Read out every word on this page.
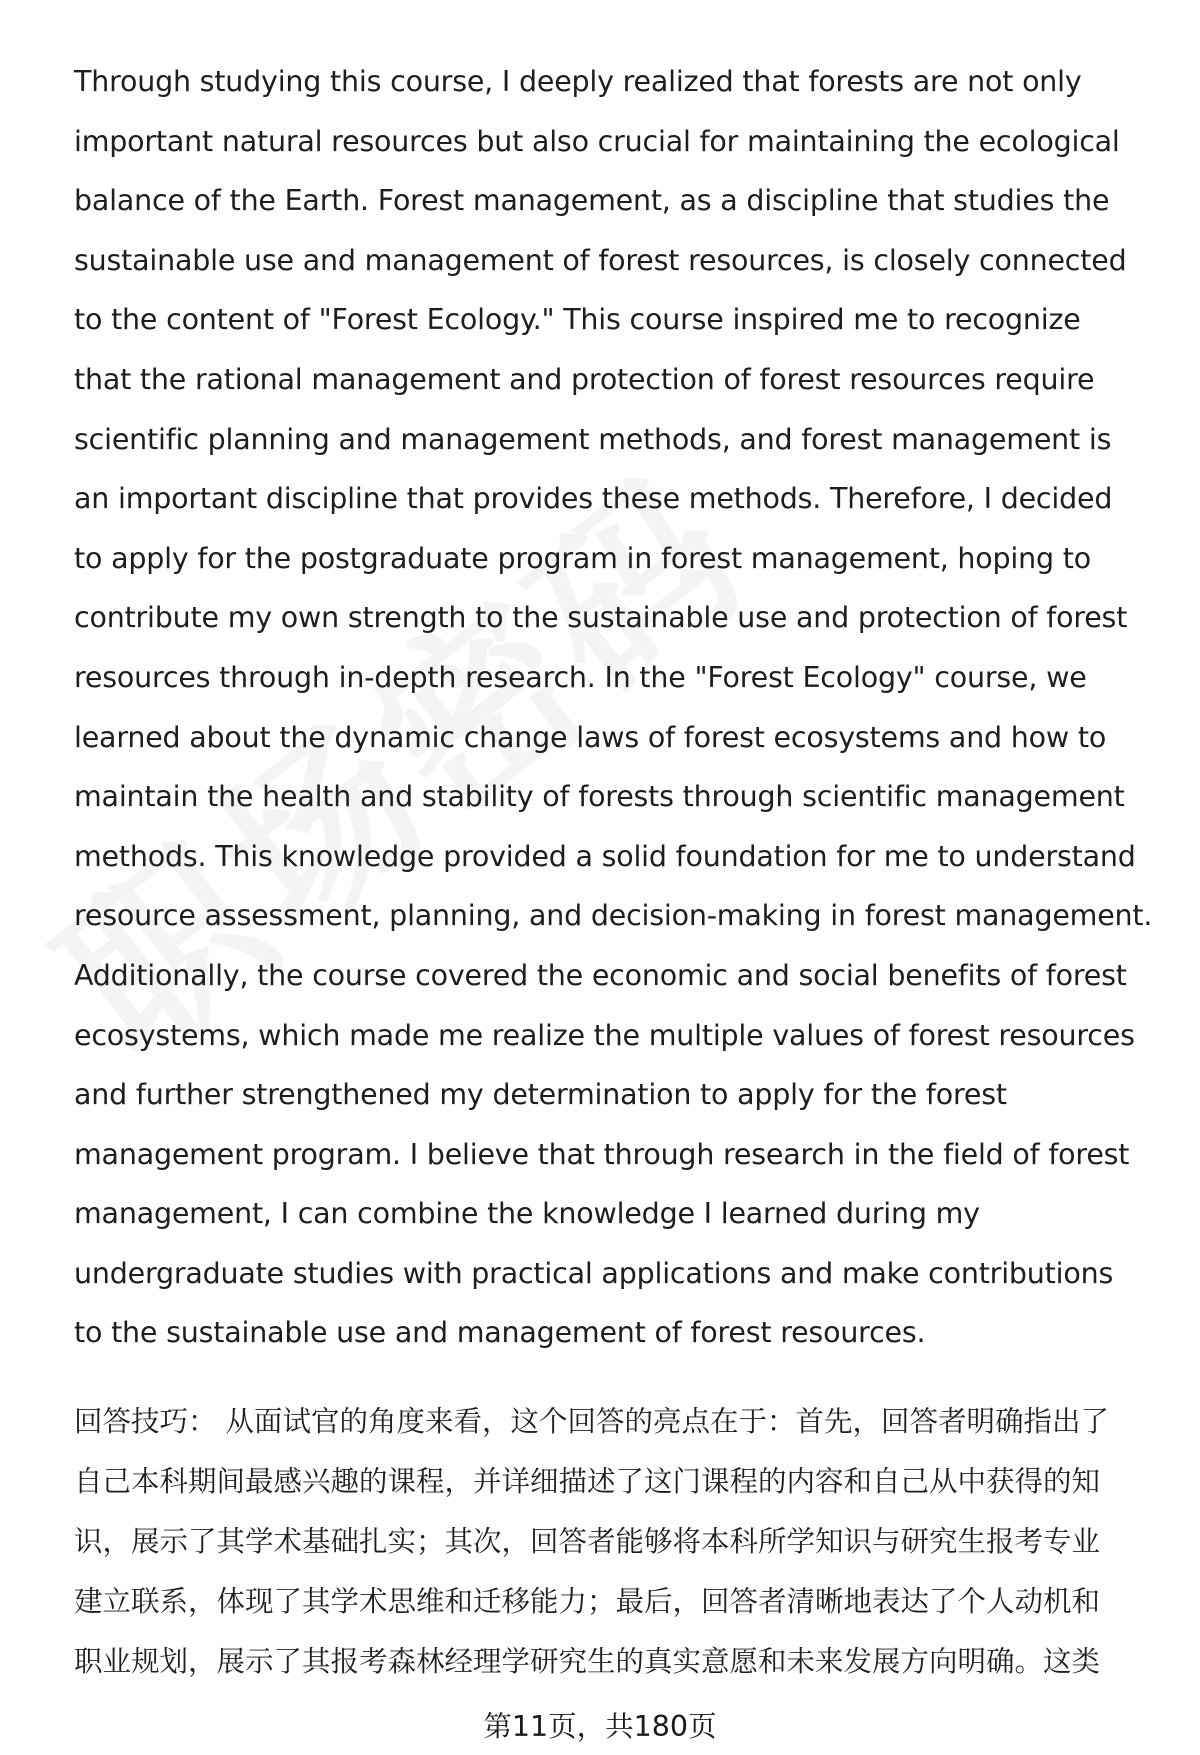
Through studying this course, I deeply realized that forests are not only
important natural resources but also crucial for maintaining the ecological
balance of the Earth. Forest management, as a discipline that studies the
sustainable use and management of forest resources, is closely connected
to the content of "Forest Ecology." This course inspired me to recognize
that the rational management and protection of forest resources require
scientific planning and management methods, and forest management is
an important discipline that provides these methods. Therefore, I decided
to apply for the postgraduate program in forest management, hoping to
contribute my own strength to the sustainable use and protection of forest
resources through in-depth research. In the "Forest Ecology" course, we
learned about the dynamic change laws of forest ecosystems and how to
maintain the health and stability of forests through scientific management
methods. This knowledge provided a solid foundation for me to understand
resource assessment, planning, and decision-making in forest management.
Additionally, the course covered the economic and social benefits of forest
ecosystems, which made me realize the multiple values of forest resources
and further strengthened my determination to apply for the forest
management program. I believe that through research in the field of forest
management, I can combine the knowledge I learned during my
undergraduate studies with practical applications and make contributions
to the sustainable use and management of forest resources.

回答技巧： 从面试官的角度来看，这个回答的亮点在于：首先，回答者明确指出了
自己本科期间最感兴趣的课程，并详细描述了这门课程的内容和自己从中获得的知
识，展示了其学术基础扎实；其次，回答者能够将本科所学知识与研究生报考专业
建立联系，体现了其学术思维和迁移能力；最后，回答者清晰地表达了个人动机和
职业规划，展示了其报考森林经理学研究生的真实意愿和未来发展方向明确。这类

第11页，共180页
